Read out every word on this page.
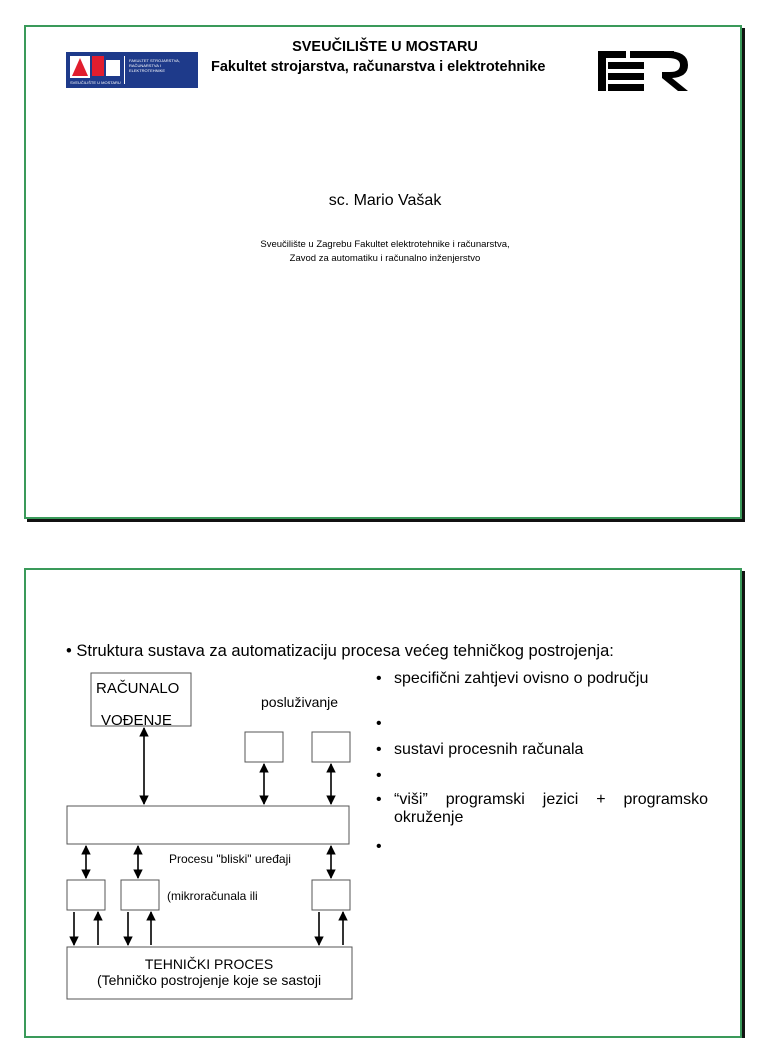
FAKULTET STROJARSTVA, RAČUNARSTVA I ELEKTROTEHNIKE
SVEUČILIŠTE U MOSTARU
SVEUČILIŠTE U MOSTARU
Fakultet strojarstva, računarstva i elektrotehnike
sc. Mario Vašak
Sveučilište u Zagrebu Fakultet elektrotehnike i računarstva,
Zavod za automatiku i računalno inženjerstvo
• Struktura sustava za automatizaciju procesa većeg tehničkog postrojenja:
RAČUNALO
VOĐENJE
posluživanje
Procesu "bliski" uređaji
(mikroračunala ili
TEHNIČKI PROCES
(Tehničko postrojenje koje se sastoji
• specifični zahtjevi ovisno o području
• sustavi procesnih računala
• “viši” programski jezici + programsko okruženje
